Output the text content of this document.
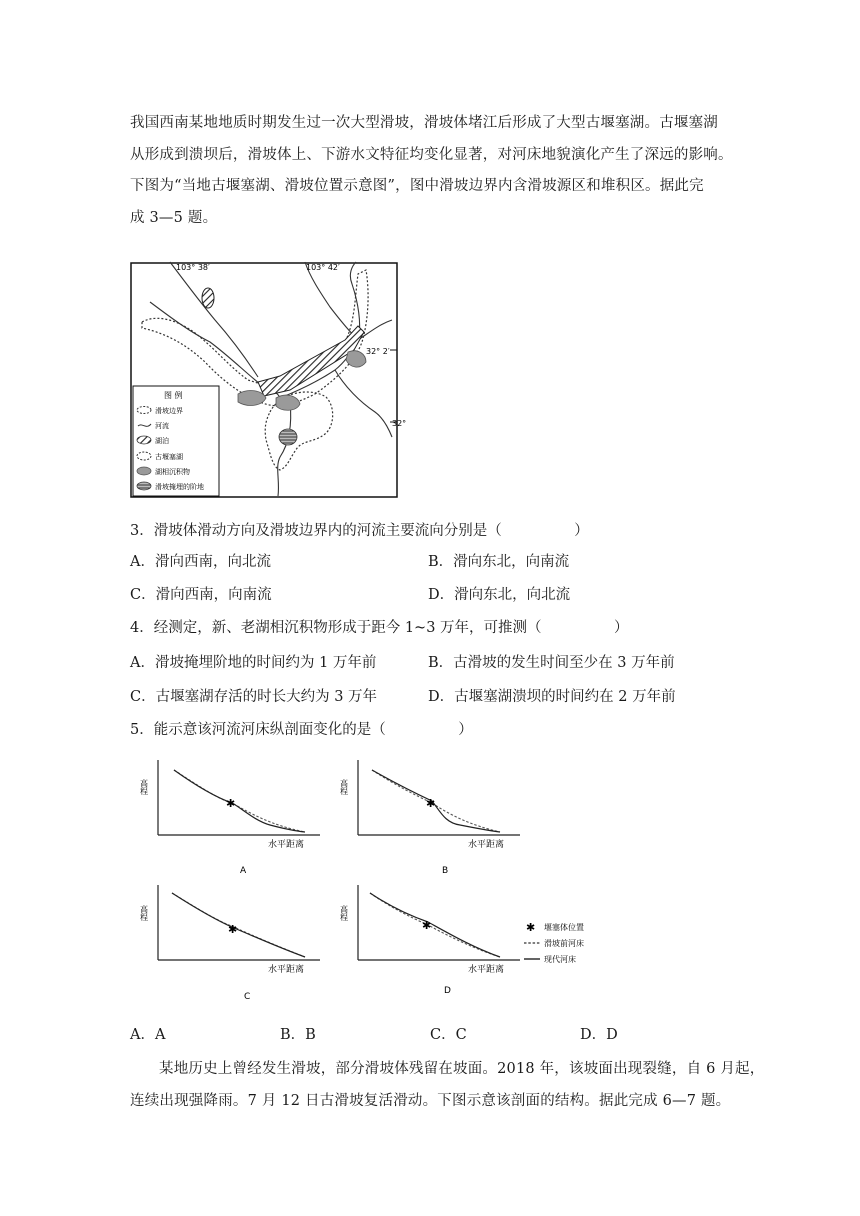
我国西南某地地质时期发生过一次大型滑坡，滑坡体堵江后形成了大型古堰塞湖。古堰塞湖
从形成到溃坝后，滑坡体上、下游水文特征均变化显著，对河床地貌演化产生了深远的影响。
下图为“当地古堰塞湖、滑坡位置示意图”，图中滑坡边界内含滑坡源区和堆积区。据此完
成 3—5 题。
103° 38′	103° 42′
32° 2′
32°
图 例
滑坡边界
河流
湖泊
古堰塞湖
湖相沉积物
滑坡掩埋的阶地
3．滑坡体滑动方向及滑坡边界内的河流主要流向分别是（　　　　　）
A．滑向西南，向北流	B．滑向东北，向南流
C．滑向西南，向南流	D．滑向东北，向北流
4．经测定，新、老湖相沉积物形成于距今 1~3 万年，可推测（　　　　　）
A．滑坡掩埋阶地的时间约为 1 万年前	B．古滑坡的发生时间至少在 3 万年前
C．古堰塞湖存活的时长大约为 3 万年	D．古堰塞湖溃坝的时间约在 2 万年前
5．能示意该河流河床纵剖面变化的是（　　　　　）
高程
水平距离
✱
A
高程
水平距离
✱
B
高程
水平距离
✱
C
高程
水平距离
✱
D
✱ 堰塞体位置
滑坡前河床
现代河床
A．A	B．B	C．C	D．D
某地历史上曾经发生滑坡，部分滑坡体残留在坡面。2018 年，该坡面出现裂缝，自 6 月起，
连续出现强降雨。7 月 12 日古滑坡复活滑动。下图示意该剖面的结构。据此完成 6—7 题。
